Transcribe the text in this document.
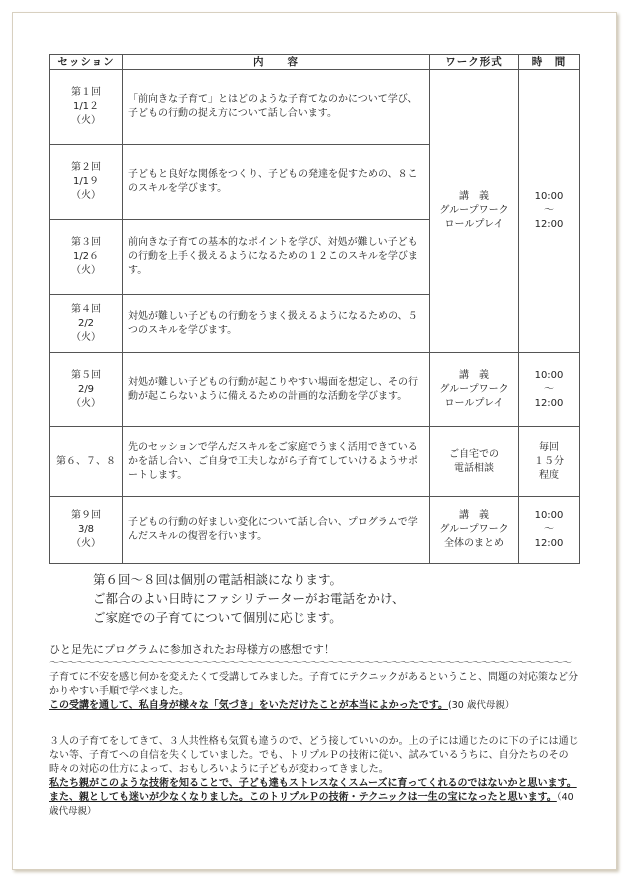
セッション	内　　容	ワーク形式	時　間
第１回
1/1２
（火）	「前向きな子育て」とはどのような子育てなのかについて学び、子どもの行動の捉え方について話し合います。	講　義
グループワーク
ロールプレイ	10:00
～
12:00
第２回
1/1９
（火）	子どもと良好な関係をつくり、子どもの発達を促すための、８このスキルを学びます。		
第３回
1/2６
（火）	前向きな子育ての基本的なポイントを学び、対処が難しい子どもの行動を上手く扱えるようになるための１２このスキルを学びます。		
第４回
2/2
（火）	対処が難しい子どもの行動をうまく扱えるようになるための、５つのスキルを学びます。		
第５回
2/9
（火）	対処が難しい子どもの行動が起こりやすい場面を想定し、その行動が起こらないように備えるための計画的な活動を学びます。	講　義
グループワーク
ロールプレイ	10:00
～
12:00
第６、７、８	先のセッションで学んだスキルをご家庭でうまく活用できているかを話し合い、ご自身で工夫しながら子育てしていけるようサポートします。	ご自宅での
電話相談	毎回
１５分
程度
第９回
3/8
（火）	子どもの行動の好ましい変化について話し合い、プログラムで学んだスキルの復習を行います。	講　義
グループワーク
全体のまとめ	10:00
～
12:00
第６回～８回は個別の電話相談になります。
ご都合のよい日時にファシリテーターがお電話をかけ、
ご家庭での子育てについて個別に応じます。
ひと足先にプログラムに参加されたお母様方の感想です！
～～～～～～～～～～～～～～～～～～～～～～～～～～～～～～～～～～～～～～～～～～～～～～～～～～～～～～～～～～

子育てに不安を感じ何かを変えたくて受講してみました。子育てにテクニックがあるということ、問題の対応策など分かりやすい手順で学べました。
この受講を通して、私自身が様々な「気づき」をいただけたことが本当によかったです。(30 歳代母親）

３人の子育てをしてきて、３人共性格も気質も違うので、どう接していいのか。上の子には通じたのに下の子には通じない等、子育てへの自信を失くしていました。でも、トリプルＰの技術に従い、試みているうちに、自分たちのその時々の対応の仕方によって、おもしろいように子どもが変わってきました。
私たち親がこのような技術を知ることで、子ども達もストレスなくスムーズに育ってくれるのではないかと思います。また、親としても迷いが少なくなりました。このトリプルＰの技術・テクニックは一生の宝になったと思います。（40 歳代母親）
